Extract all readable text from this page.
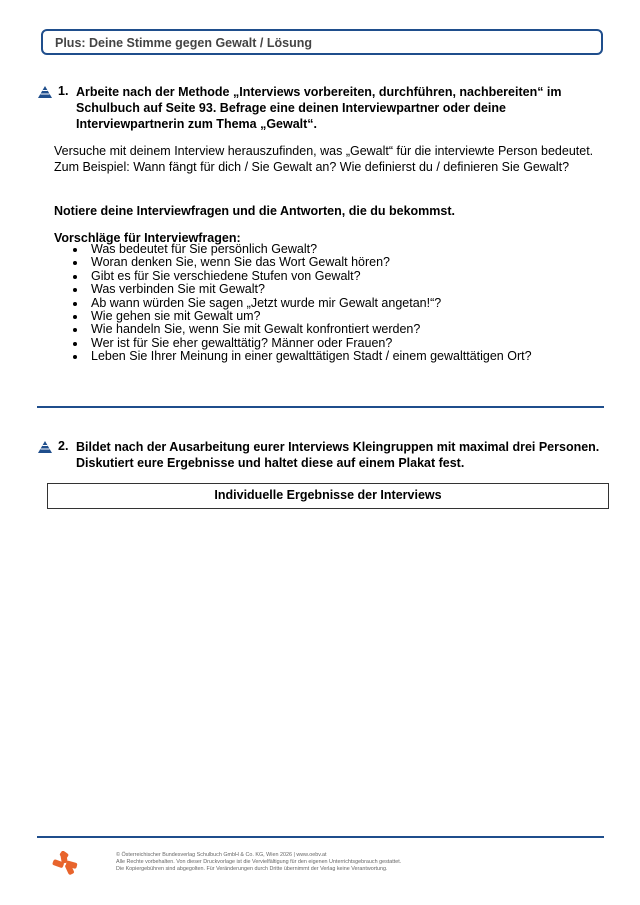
Plus: Deine Stimme gegen Gewalt / Lösung
1. Arbeite nach der Methode „Interviews vorbereiten, durchführen, nachbereiten“ im Schulbuch auf Seite 93. Befrage eine deinen Interviewpartner oder deine Interviewpartnerin zum Thema „Gewalt“.
Versuche mit deinem Interview herauszufinden, was „Gewalt“ für die interviewte Person bedeutet. Zum Beispiel: Wann fängt für dich / Sie Gewalt an? Wie definierst du / definieren Sie Gewalt?
Notiere deine Interviewfragen und die Antworten, die du bekommst.
Vorschläge für Interviewfragen:
Was bedeutet für Sie persönlich Gewalt?
Woran denken Sie, wenn Sie das Wort Gewalt hören?
Gibt es für Sie verschiedene Stufen von Gewalt?
Was verbinden Sie mit Gewalt?
Ab wann würden Sie sagen „Jetzt wurde mir Gewalt angetan!“?
Wie gehen sie mit Gewalt um?
Wie handeln Sie, wenn Sie mit Gewalt konfrontiert werden?
Wer ist für Sie eher gewalttätig? Männer oder Frauen?
Leben Sie Ihrer Meinung in einer gewalttätigen Stadt / einem gewalttätigen Ort?
2. Bildet nach der Ausarbeitung eurer Interviews Kleingruppen mit maximal drei Personen. Diskutiert eure Ergebnisse und haltet diese auf einem Plakat fest.
Individuelle Ergebnisse der Interviews
© Österreichischer Bundesverlag Schulbuch GmbH & Co. KG, Wien 2026 | www.oebv.at
Alle Rechte vorbehalten. Von dieser Druckvorlage ist die Vervielfältigung für den eigenen Unterrichtsgebrauch gestattet.
Die Kopiergebühren sind abgegolten. Für Veränderungen durch Dritte übernimmt der Verlag keine Verantwortung.
